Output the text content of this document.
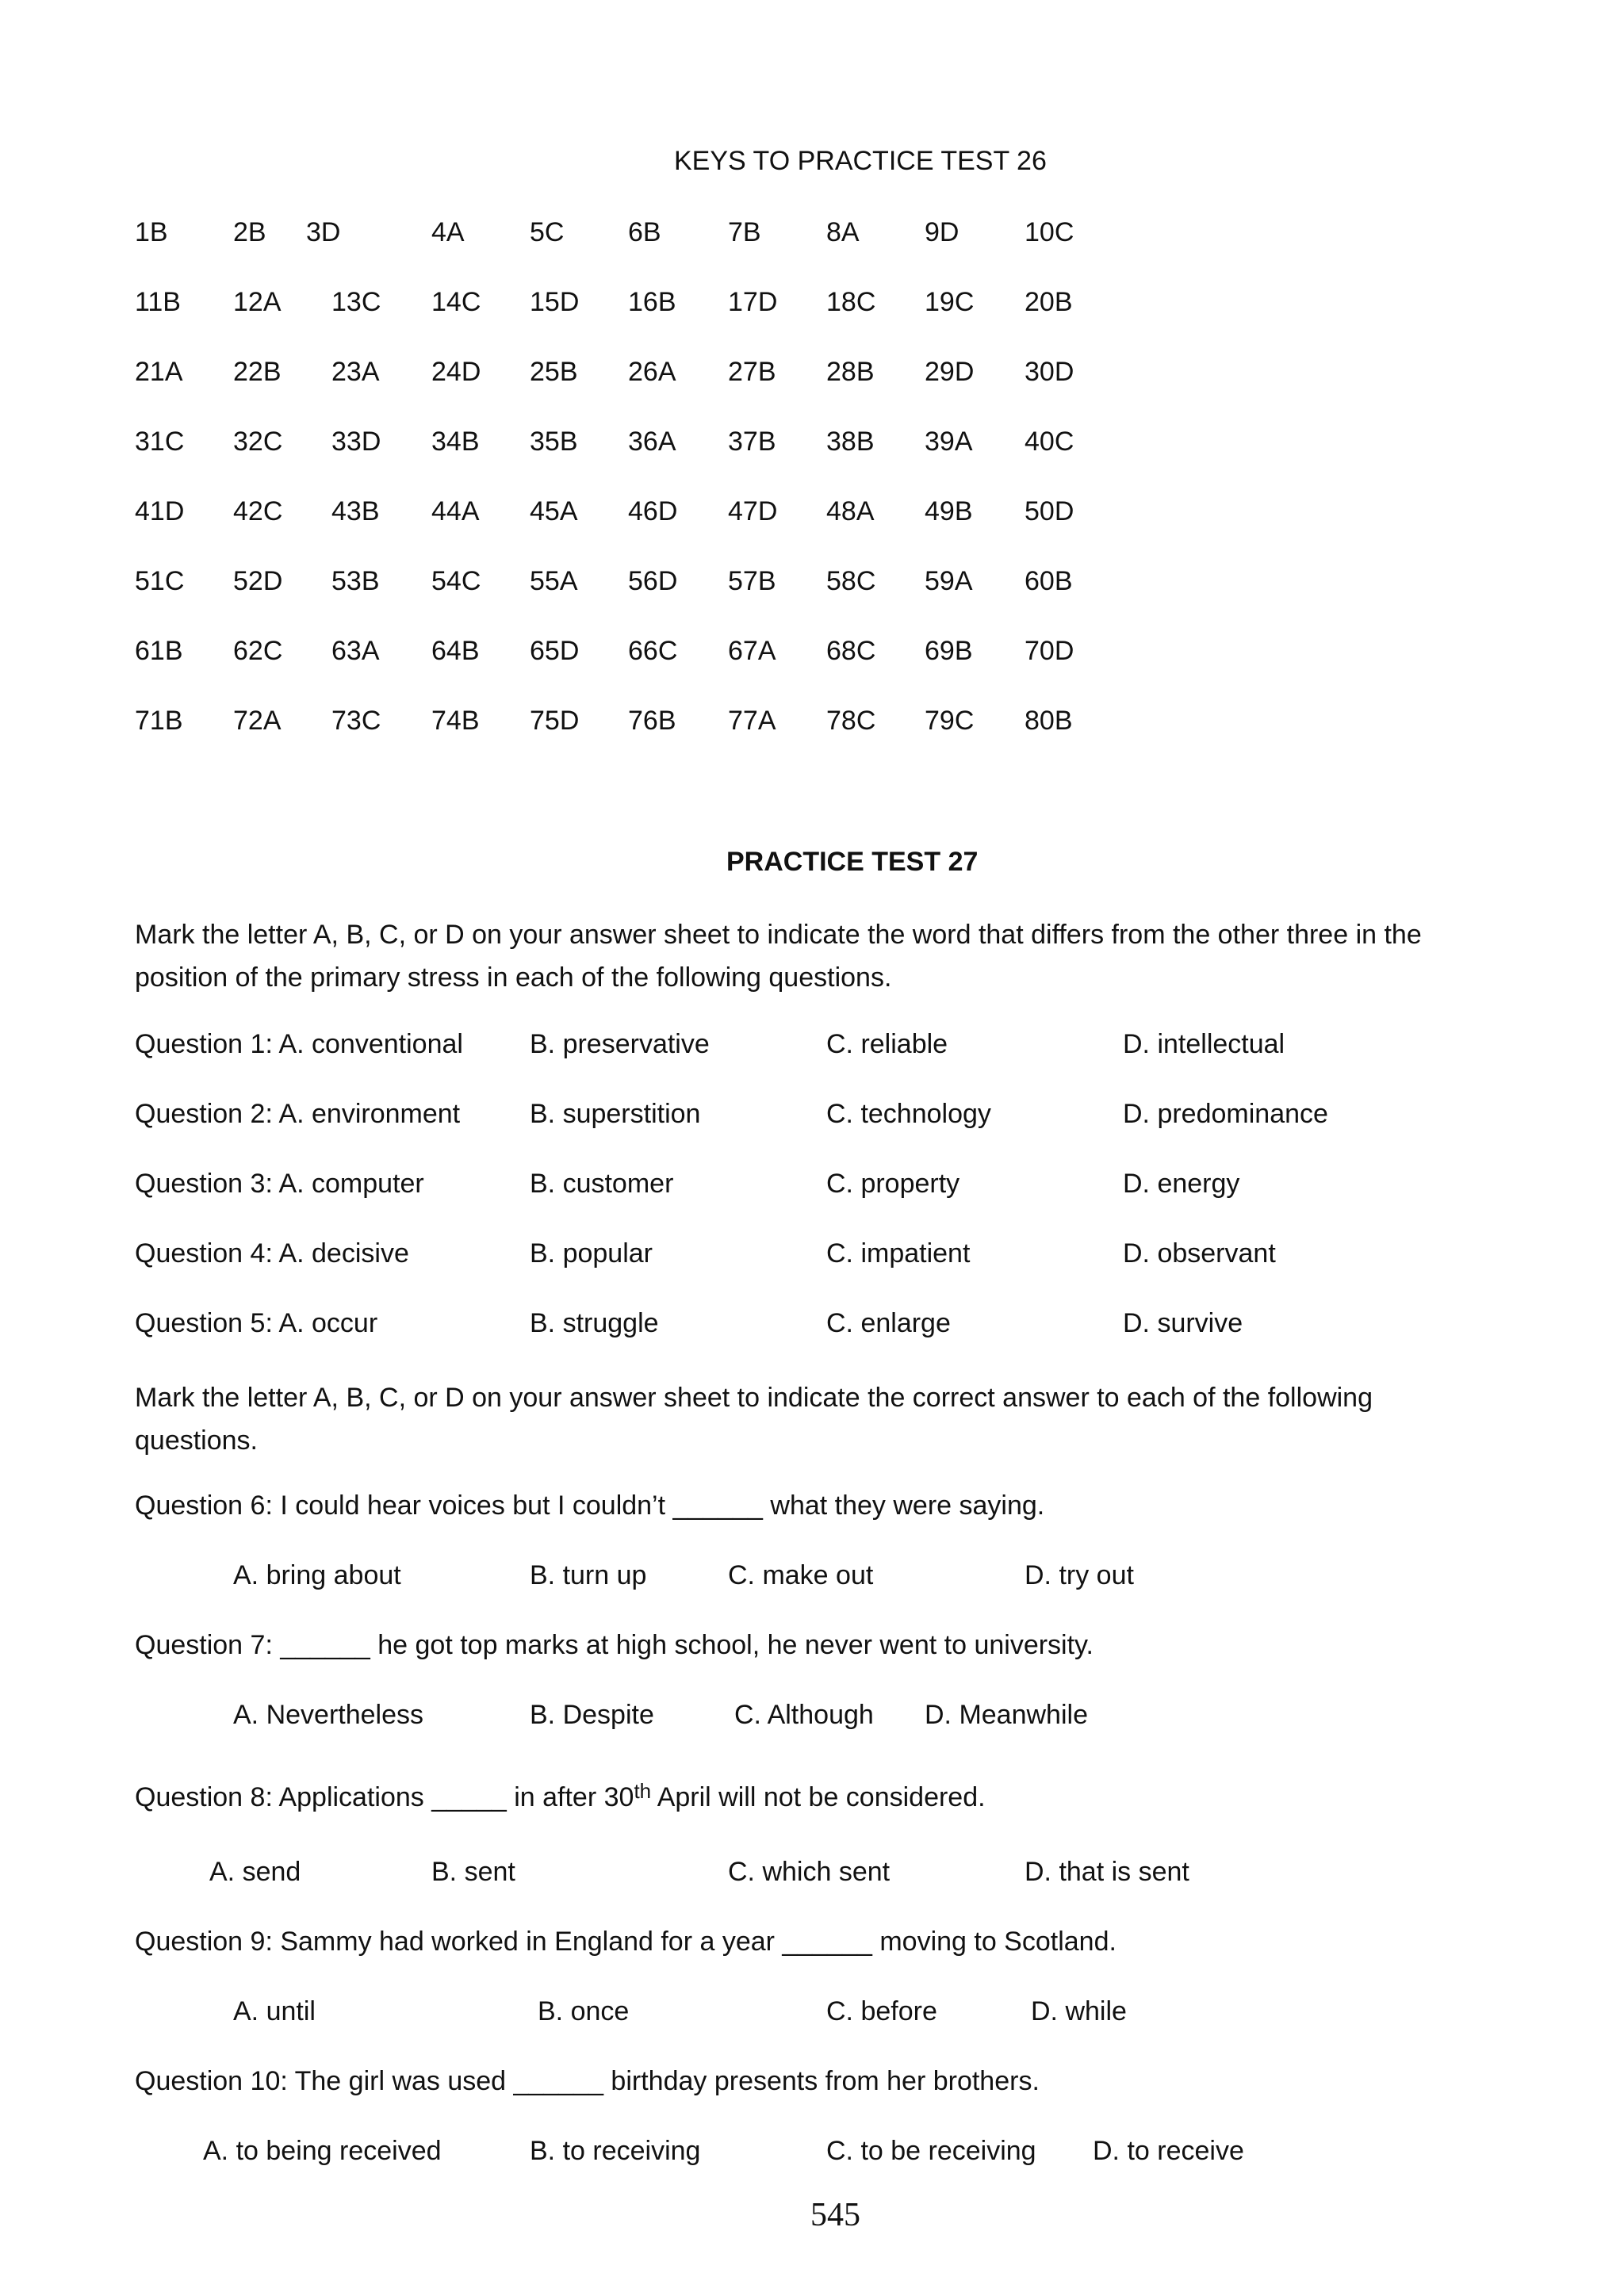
KEYS TO PRACTICE TEST 26
1B 2B 3D	4A 5C 6B 7B 8A 9D 10C
11B 12A 13C 14C 15D 16B 17D 18C 19C 20B
21A 22B 23A 24D 25B 26A 27B 28B 29D 30D
31C 32C 33D 34B 35B 36A 37B 38B 39A 40C
41D 42C 43B 44A 45A 46D 47D 48A 49B 50D
51C 52D 53B 54C 55A 56D 57B 58C 59A 60B
61B 62C 63A 64B 65D 66C 67A 68C 69B 70D
71B 72A 73C 74B 75D 76B 77A 78C 79C 80B
PRACTICE TEST 27
Mark the letter A, B, C, or D on your answer sheet to indicate the word that differs from the other three in the
position of the primary stress in each of the following questions.
Question 1: A. conventional B. preservative	C. reliable	D. intellectual
Question 2: A. environment	B. superstition	C. technology	D. predominance
Question 3: A. computer	B. customer	C. property	D. energy
Question 4: A. decisive	B. popular	C. impatient	D. observant
Question 5: A. occur	B. struggle	C. enlarge	D. survive
Mark the letter A, B, C, or D on your answer sheet to indicate the correct answer to each of the following
questions.
Question 6: I could hear voices but I couldn’t ______ what they were saying.
A. bring about	B. turn up	C. make out	D. try out
Question 7: ______ he got top marks at high school, he never went to university.
A. Nevertheless	B. Despite	C. Although D. Meanwhile
Question 8: Applications _____ in after 30th April will not be considered.
A. send	B. sent	C. which sent	D. that is sent
Question 9: Sammy had worked in England for a year ______ moving to Scotland.
A. until	B. once	C. before	D. while
Question 10: The girl was used ______ birthday presents from her brothers.
A. to being received	B. to receiving	C. to be receiving D. to receive
545
